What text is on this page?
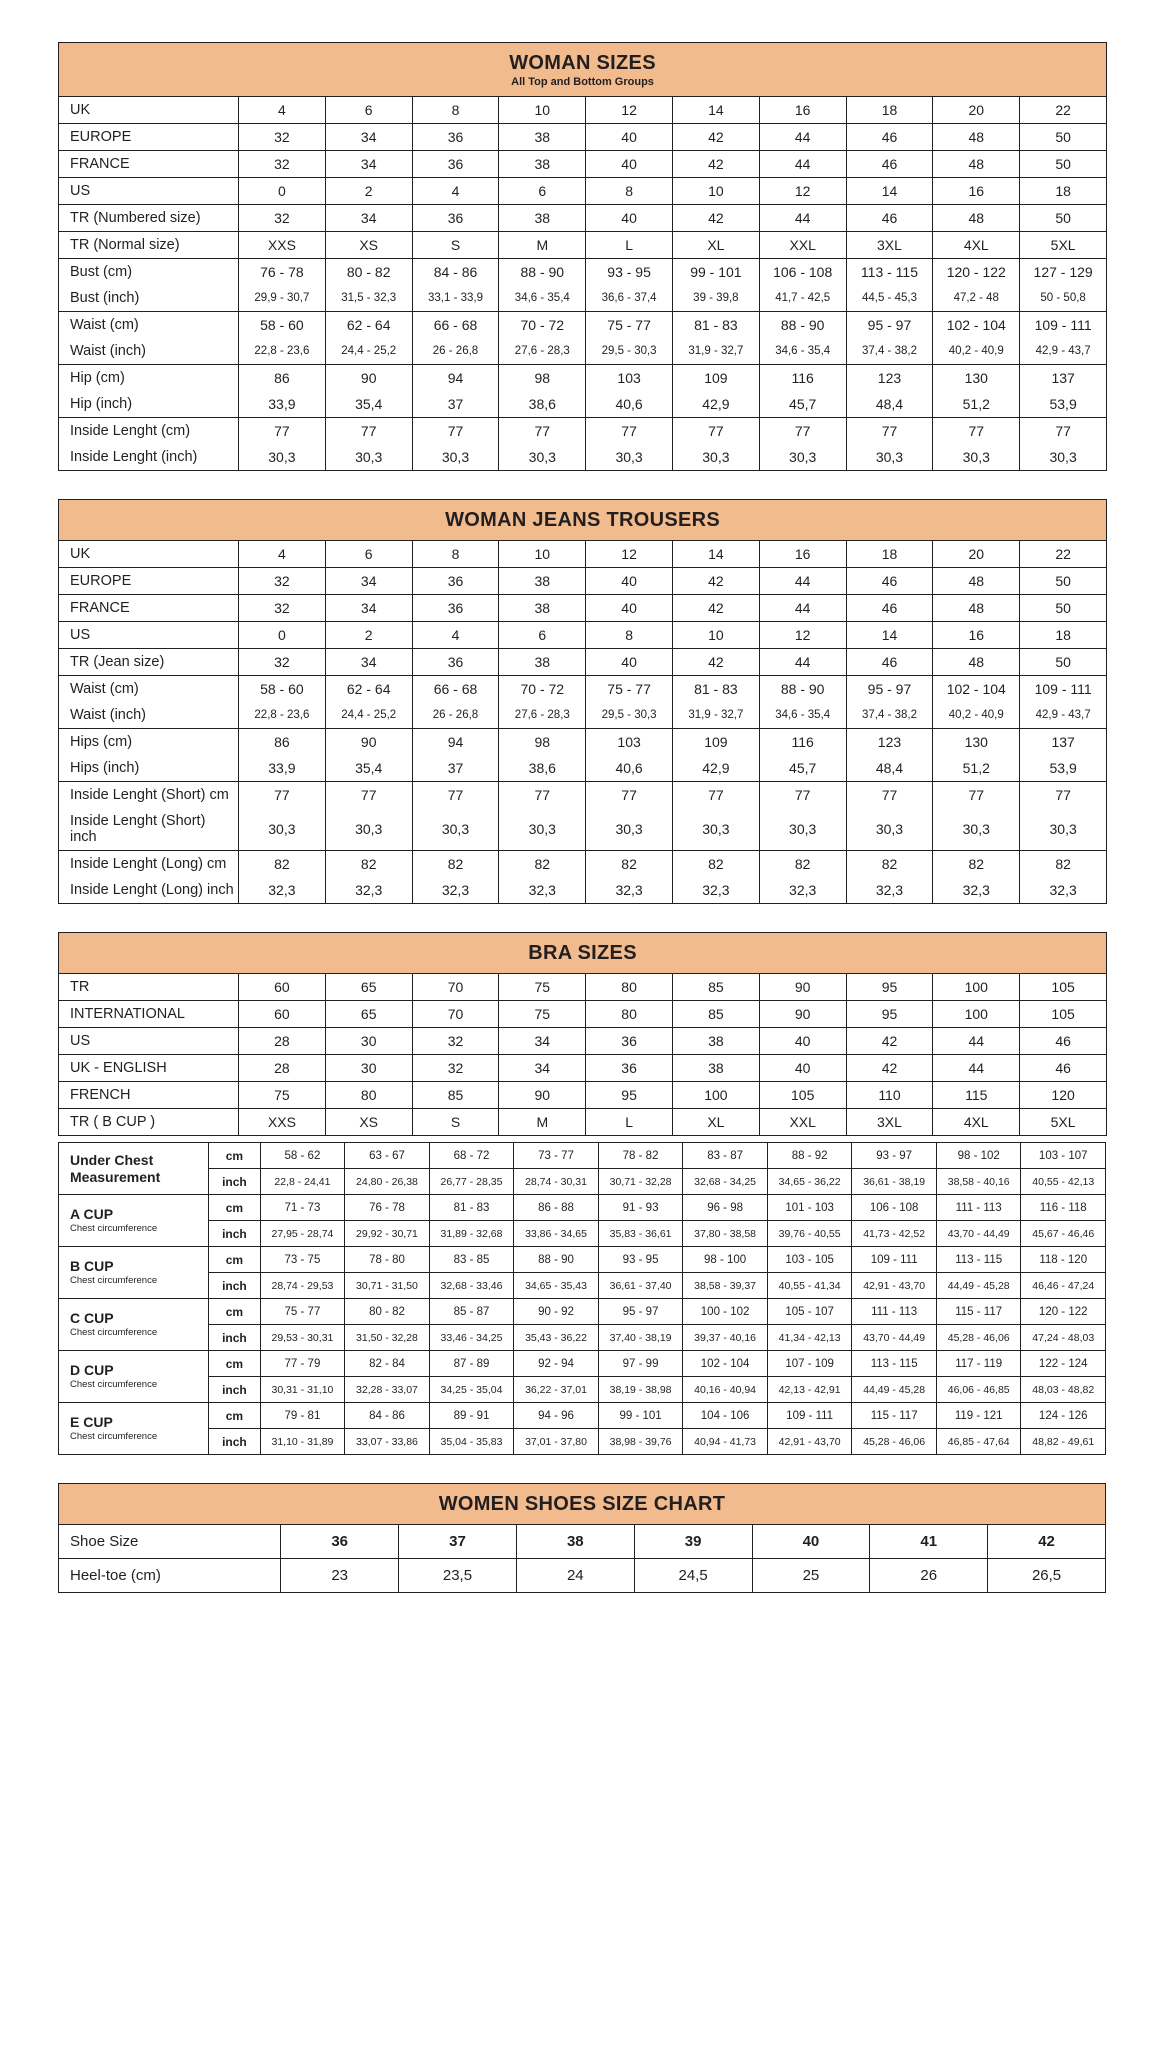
WOMAN SIZES
All Top and Bottom Groups										

UK	4	6	8	10	12	14	16	18	20	22
EUROPE	32	34	36	38	40	42	44	46	48	50
FRANCE	32	34	36	38	40	42	44	46	48	50
US	0	2	4	6	8	10	12	14	16	18
TR (Numbered size)	32	34	36	38	40	42	44	46	48	50
TR (Normal size)	XXS	XS	S	M	L	XL	XXL	3XL	4XL	5XL
Bust (cm)	76 - 78	80 - 82	84 - 86	88 - 90	93 - 95	99 - 101	106 - 108	113 - 115	120 - 122	127 - 129
Bust (inch)	29,9 - 30,7	31,5 - 32,3	33,1 - 33,9	34,6 - 35,4	36,6 - 37,4	39 - 39,8	41,7 - 42,5	44,5 - 45,3	47,2 - 48	50 - 50,8
Waist (cm)	58 - 60	62 - 64	66 - 68	70 - 72	75 - 77	81 - 83	88 - 90	95 - 97	102 - 104	109 - 111
Waist (inch)	22,8 - 23,6	24,4 - 25,2	26 - 26,8	27,6 - 28,3	29,5 - 30,3	31,9 - 32,7	34,6 - 35,4	37,4 - 38,2	40,2 - 40,9	42,9 - 43,7
Hip (cm)	86	90	94	98	103	109	116	123	130	137
Hip (inch)	33,9	35,4	37	38,6	40,6	42,9	45,7	48,4	51,2	53,9
Inside Lenght (cm)	77	77	77	77	77	77	77	77	77	77
Inside Lenght (inch)	30,3	30,3	30,3	30,3	30,3	30,3	30,3	30,3	30,3	30,3
WOMAN JEANS TROUSERS										

UK	4	6	8	10	12	14	16	18	20	22
EUROPE	32	34	36	38	40	42	44	46	48	50
FRANCE	32	34	36	38	40	42	44	46	48	50
US	0	2	4	6	8	10	12	14	16	18
TR (Jean size)	32	34	36	38	40	42	44	46	48	50
Waist (cm)	58 - 60	62 - 64	66 - 68	70 - 72	75 - 77	81 - 83	88 - 90	95 - 97	102 - 104	109 - 111
Waist (inch)	22,8 - 23,6	24,4 - 25,2	26 - 26,8	27,6 - 28,3	29,5 - 30,3	31,9 - 32,7	34,6 - 35,4	37,4 - 38,2	40,2 - 40,9	42,9 - 43,7
Hips (cm)	86	90	94	98	103	109	116	123	130	137
Hips (inch)	33,9	35,4	37	38,6	40,6	42,9	45,7	48,4	51,2	53,9
Inside Lenght (Short) cm	77	77	77	77	77	77	77	77	77	77
Inside Lenght (Short) inch	30,3	30,3	30,3	30,3	30,3	30,3	30,3	30,3	30,3	30,3
Inside Lenght (Long) cm	82	82	82	82	82	82	82	82	82	82
Inside Lenght (Long) inch	32,3	32,3	32,3	32,3	32,3	32,3	32,3	32,3	32,3	32,3
BRA SIZES										

TR	60	65	70	75	80	85	90	95	100	105
INTERNATIONAL	60	65	70	75	80	85	90	95	100	105
US	28	30	32	34	36	38	40	42	44	46
UK - ENGLISH	28	30	32	34	36	38	40	42	44	46
FRENCH	75	80	85	90	95	100	105	110	115	120
TR ( B CUP )	XXS	XS	S	M	L	XL	XXL	3XL	4XL	5XL
Under Chest
Measurement	cm	58 - 62	63 - 67	68 - 72	73 - 77	78 - 82	83 - 87	88 - 92	93 - 97	98 - 102	103 - 107
	inch	22,8 - 24,41	24,80 - 26,38	26,77 - 28,35	28,74 - 30,31	30,71 - 32,28	32,68 - 34,25	34,65 - 36,22	36,61 - 38,19	38,58 - 40,16	40,55 - 42,13

A CUP
Chest circumference	cm	71 - 73	76 - 78	81 - 83	86 - 88	91 - 93	96 - 98	101 - 103	106 - 108	111 - 113	116 - 118
	inch	27,95 - 28,74	29,92 - 30,71	31,89 - 32,68	33,86 - 34,65	35,83 - 36,61	37,80 - 38,58	39,76 - 40,55	41,73 - 42,52	43,70 - 44,49	45,67 - 46,46

B CUP
Chest circumference	cm	73 - 75	78 - 80	83 - 85	88 - 90	93 - 95	98 - 100	103 - 105	109 - 111	113 - 115	118 - 120
	inch	28,74 - 29,53	30,71 - 31,50	32,68 - 33,46	34,65 - 35,43	36,61 - 37,40	38,58 - 39,37	40,55 - 41,34	42,91 - 43,70	44,49 - 45,28	46,46 - 47,24

C CUP
Chest circumference	cm	75 - 77	80 - 82	85 - 87	90 - 92	95 - 97	100 - 102	105 - 107	111 - 113	115 - 117	120 - 122
	inch	29,53 - 30,31	31,50 - 32,28	33,46 - 34,25	35,43 - 36,22	37,40 - 38,19	39,37 - 40,16	41,34 - 42,13	43,70 - 44,49	45,28 - 46,06	47,24 - 48,03

D CUP
Chest circumference	cm	77 - 79	82 - 84	87 - 89	92 - 94	97 - 99	102 - 104	107 - 109	113 - 115	117 - 119	122 - 124
	inch	30,31 - 31,10	32,28 - 33,07	34,25 - 35,04	36,22 - 37,01	38,19 - 38,98	40,16 - 40,94	42,13 - 42,91	44,49 - 45,28	46,06 - 46,85	48,03 - 48,82

E CUP
Chest circumference	cm	79 - 81	84 - 86	89 - 91	94 - 96	99 - 101	104 - 106	109 - 111	115 - 117	119 - 121	124 - 126
	inch	31,10 - 31,89	33,07 - 33,86	35,04 - 35,83	37,01 - 37,80	38,98 - 39,76	40,94 - 41,73	42,91 - 43,70	45,28 - 46,06	46,85 - 47,64	48,82 - 49,61
WOMEN SHOES SIZE CHART							

Shoe Size	36	37	38	39	40	41	42
Heel-toe (cm)	23	23,5	24	24,5	25	26	26,5
